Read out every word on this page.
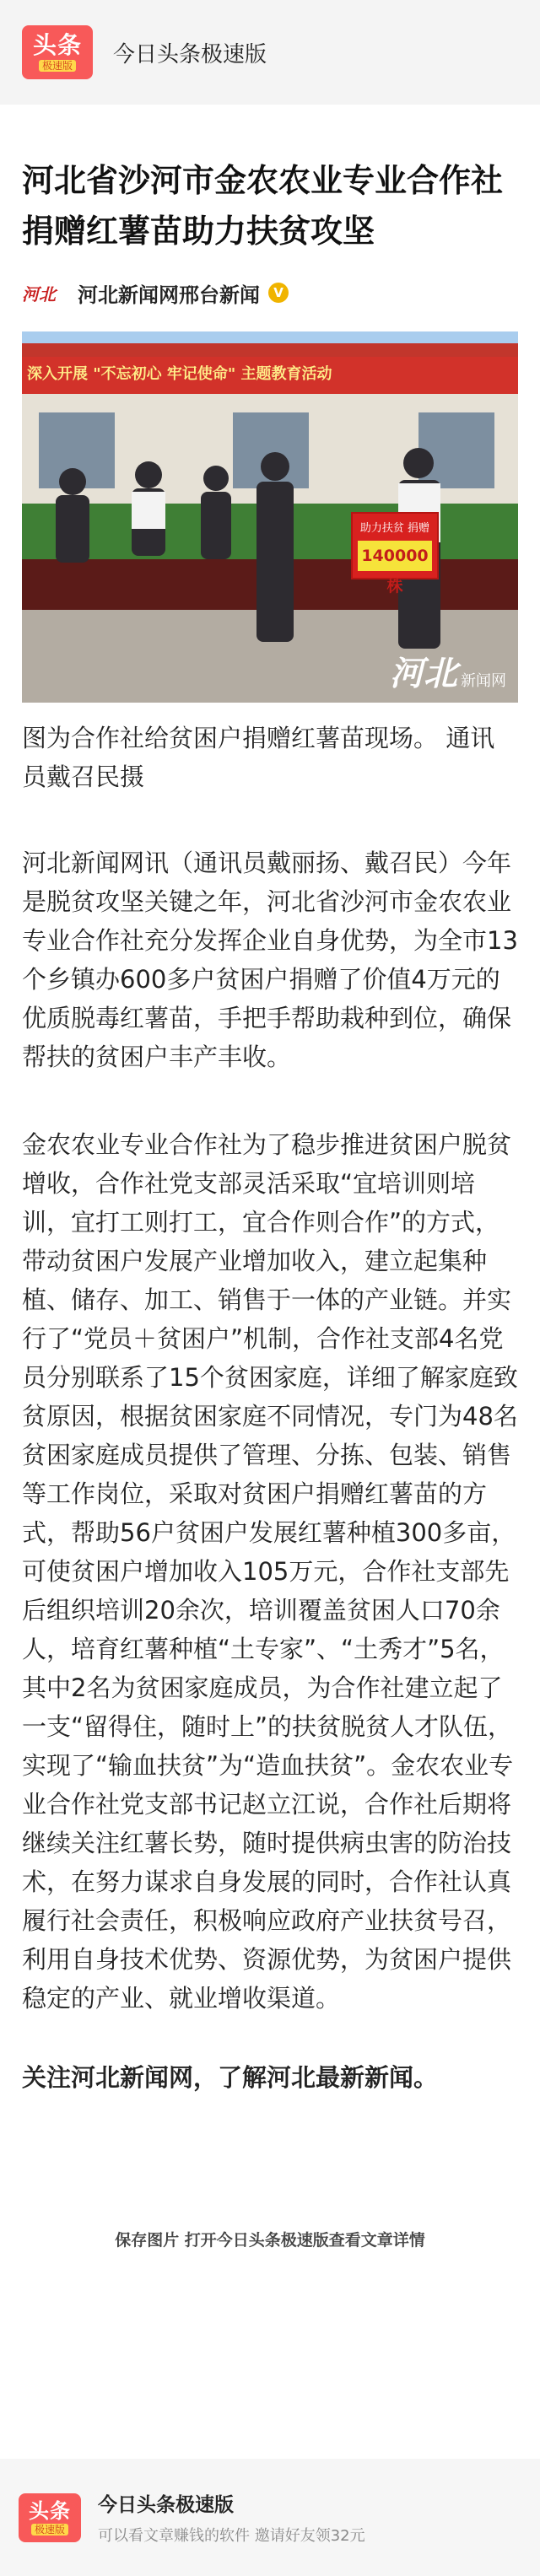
头条
极速版 今日头条极速版
河北省沙河市金农农业专业合作社捐赠红薯苗助力扶贫攻坚
河北 河北新闻网邢台新闻	V
深入开展 "不忘初心 牢记使命" 主题教育活动
助力扶贫 捐赠
140000株
河北 新闻网

图为合作社给贫困户捐赠红薯苗现场。 通讯员戴召民摄

河北新闻网讯（通讯员戴丽扬、戴召民）今年是脱贫攻坚关键之年，河北省沙河市金农农业专业合作社充分发挥企业自身优势，为全市13个乡镇办600多户贫困户捐赠了价值4万元的优质脱毒红薯苗，手把手帮助栽种到位，确保帮扶的贫困户丰产丰收。

金农农业专业合作社为了稳步推进贫困户脱贫增收，合作社党支部灵活采取“宜培训则培训，宜打工则打工，宜合作则合作”的方式，带动贫困户发展产业增加收入，建立起集种植、储存、加工、销售于一体的产业链。并实行了“党员＋贫困户”机制，合作社支部4名党员分别联系了15个贫困家庭，详细了解家庭致贫原因，根据贫困家庭不同情况，专门为48名贫困家庭成员提供了管理、分拣、包装、销售等工作岗位，采取对贫困户捐赠红薯苗的方式，帮助56户贫困户发展红薯种植300多亩，可使贫困户增加收入105万元，合作社支部先后组织培训20余次，培训覆盖贫困人口70余人，培育红薯种植“土专家”、“土秀才”5名，其中2名为贫困家庭成员，为合作社建立起了一支“留得住，随时上”的扶贫脱贫人才队伍，实现了“输血扶贫”为“造血扶贫”。金农农业专业合作社党支部书记赵立江说，合作社后期将继续关注红薯长势，随时提供病虫害的防治技术，在努力谋求自身发展的同时，合作社认真履行社会责任，积极响应政府产业扶贫号召，利用自身技术优势、资源优势，为贫困户提供稳定的产业、就业增收渠道。

关注河北新闻网，了解河北最新新闻。

保存图片 打开今日头条极速版查看文章详情
头条
极速版
今日头条极速版
可以看文章赚钱的软件 邀请好友领32元
